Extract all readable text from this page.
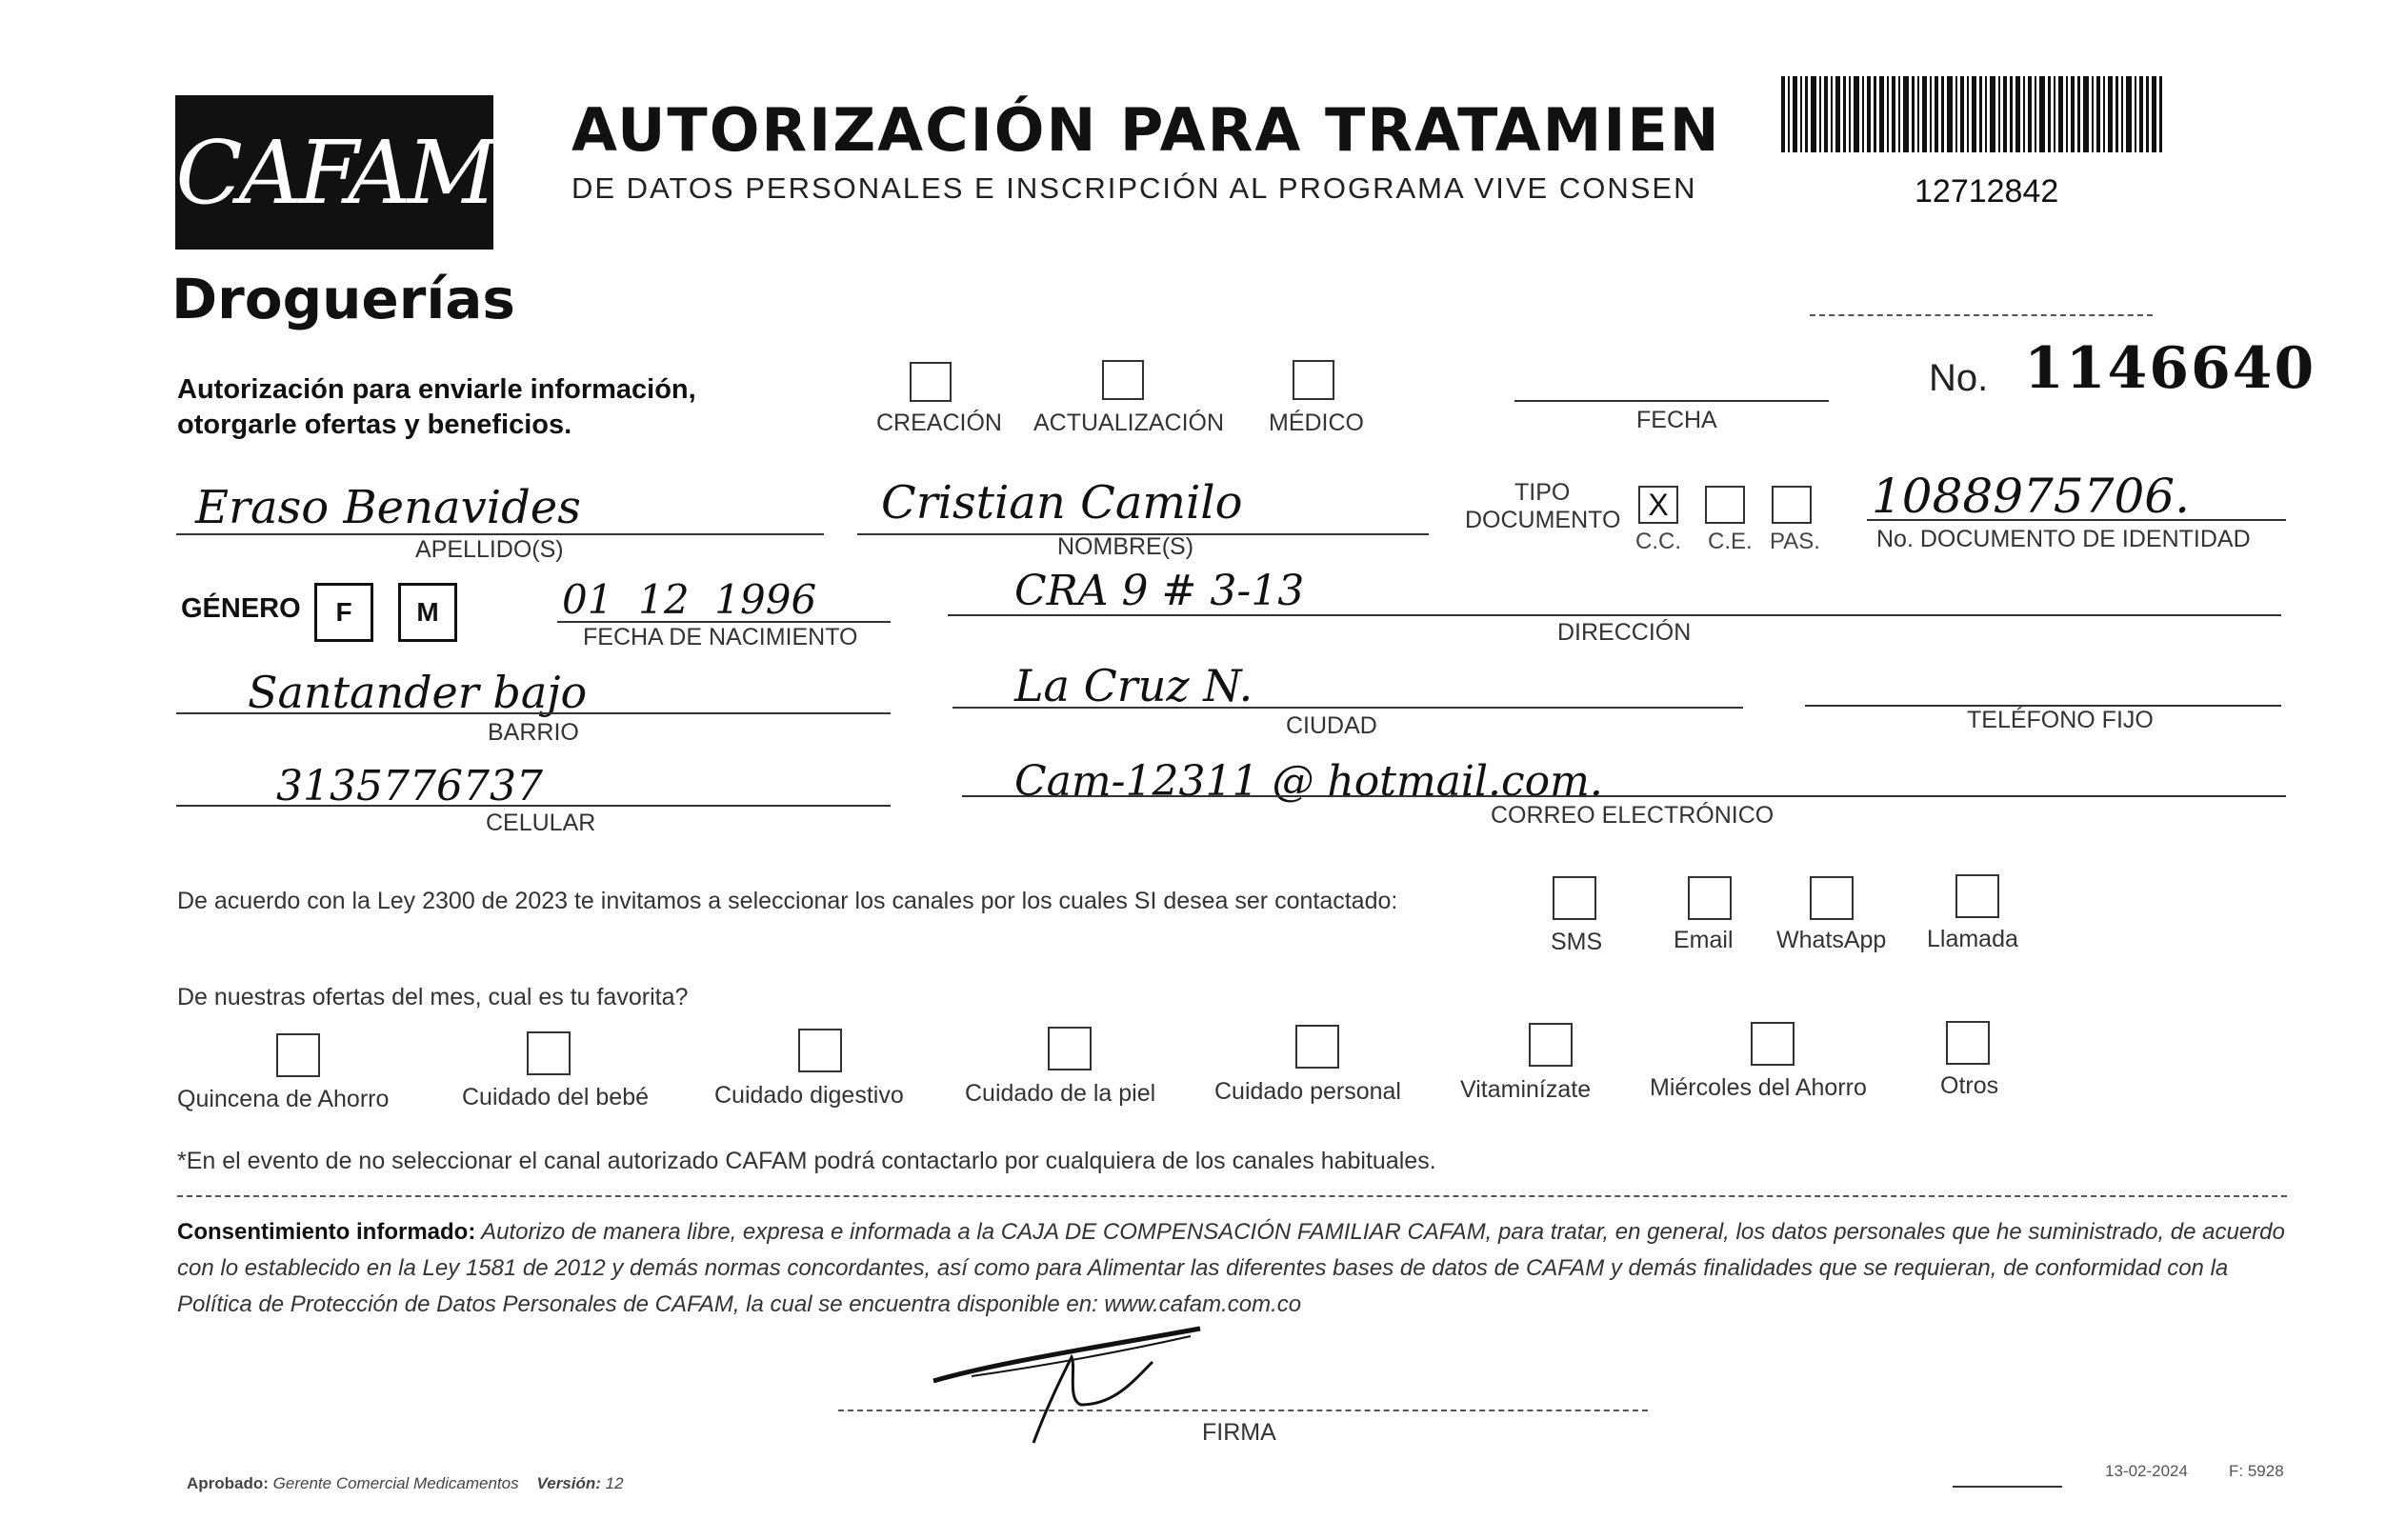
CAFAM
Droguerías
AUTORIZACIÓN PARA TRATAMIEN
DE DATOS PERSONALES E INSCRIPCIÓN AL PROGRAMA VIVE CONSEN	12712842
Autorización para enviarle información,
otorgarle ofertas y beneficios.	CREACIÓN ACTUALIZACIÓN MÉDICO	FECHA
No. 1146640
Eraso Benavides
APELLIDO(S)
Cristian Camilo
NOMBRE(S)
TIPO
DOCUMENTO X
C.C. C.E. PAS.
1088975706.
No. DOCUMENTO DE IDENTIDAD
GÉNERO F M	01  12  1996
FECHA DE NACIMIENTO
CRA 9 # 3-13
DIRECCIÓN
Santander bajo
BARRIO
La Cruz N.
CIUDAD	TELÉFONO FIJO
3135776737
CELULAR
Cam-12311 @ hotmail.com.
CORREO ELECTRÓNICO
De acuerdo con la Ley 2300 de 2023 te invitamos a seleccionar los canales por los cuales SI desea ser contactado:
SMS	Email WhatsApp Llamada
De nuestras ofertas del mes, cual es tu favorita?
Quincena de Ahorro	Cuidado del bebé	Cuidado digestivo	Cuidado de la piel Cuidado personal Vitaminízate Miércoles del Ahorro	Otros
*En el evento de no seleccionar el canal autorizado CAFAM podrá contactarlo por cualquiera de los canales habituales.
Consentimiento informado: Autorizo de manera libre, expresa e informada a la CAJA DE COMPENSACIÓN FAMILIAR CAFAM, para tratar, en general, los datos personales que he suministrado, de acuerdo con lo establecido en la Ley 1581 de 2012 y demás normas concordantes, así como para Alimentar las diferentes bases de datos de CAFAM y demás finalidades que se requieran, de conformidad con la Política de Protección de Datos Personales de CAFAM, la cual se encuentra disponible en: www.cafam.com.co
FIRMA
Aprobado: Gerente Comercial Medicamentos Versión: 12
13-02-2024	F: 5928
